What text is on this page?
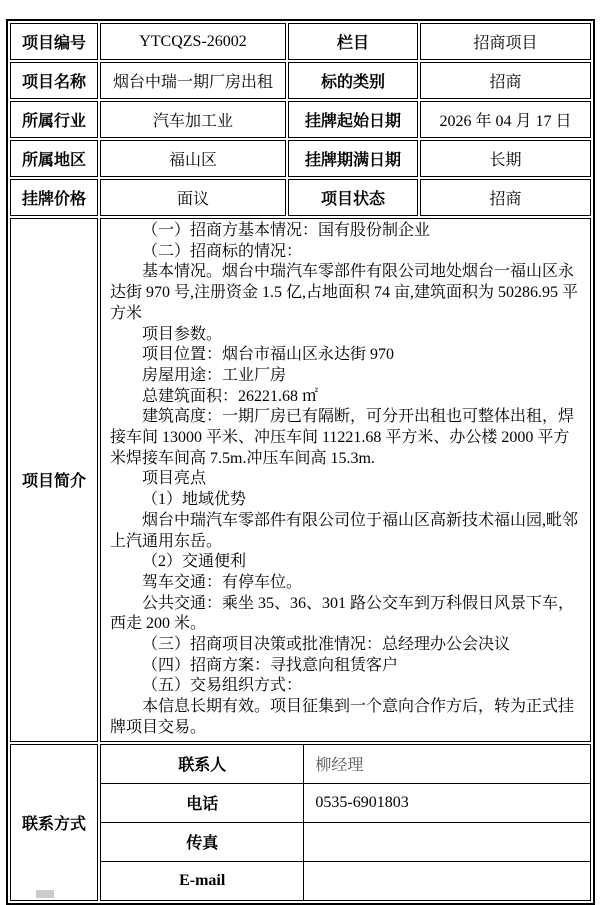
项目编号	YTCQZS-26002	栏目	招商项目
项目名称	烟台中瑞一期厂房出租	标的类别	招商
所属行业	汽车加工业	挂牌起始日期	2026 年 04 月 17 日
所属地区	福山区	挂牌期满日期	长期
挂牌价格	面议	项目状态	招商
项目简介	
（一）招商方基本情况：国有股份制企业
（二）招商标的情况：
基本情况。烟台中瑞汽车零部件有限公司地处烟台一福山区永达街 970 号,注册资金 1.5 亿,占地面积 74 亩,建筑面积为 50286.95 平方米
项目参数。
项目位置：烟台市福山区永达街 970
房屋用途：工业厂房
总建筑面积：26221.68 ㎡
建筑高度：一期厂房已有隔断，可分开出租也可整体出租，焊接车间 13000 平米、冲压车间 11221.68 平方米、办公楼 2000 平方米焊接车间高 7.5m.冲压车间高 15.3m.
项目亮点
（1）地域优势
烟台中瑞汽车零部件有限公司位于福山区高新技术福山园,毗邻上汽通用东岳。
（2）交通便利
驾车交通：有停车位。
公共交通：乘坐 35、36、301 路公交车到万科假日风景下车，西走 200 米。
（三）招商项目决策或批准情况：总经理办公会决议
（四）招商方案：寻找意向租赁客户
（五）交易组织方式：
本信息长期有效。项目征集到一个意向合作方后，转为正式挂牌项目交易。

联系方式	
联系人	柳经理
电话	0535-6901803
传真	
E-mail	
